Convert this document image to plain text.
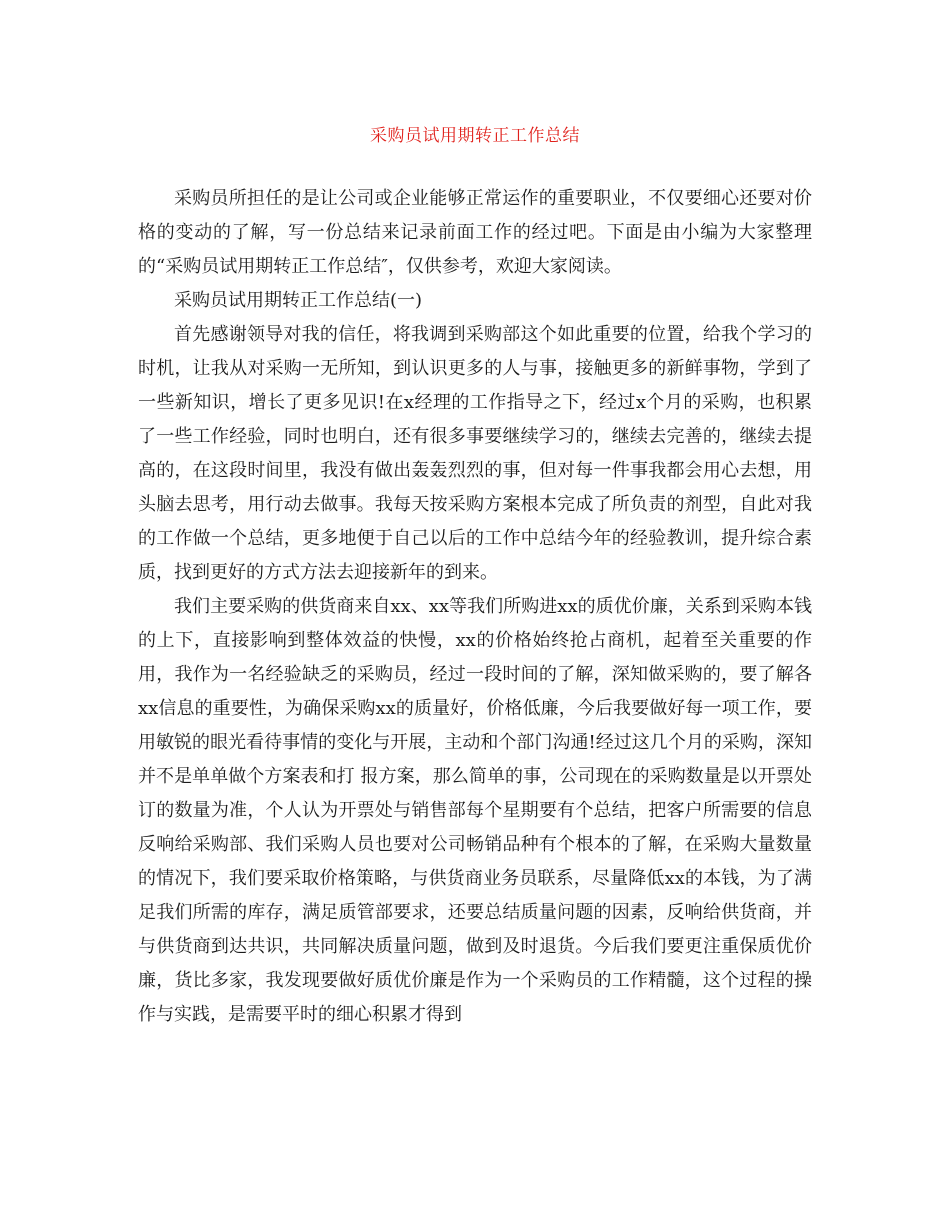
采购员试用期转正工作总结

采购员所担任的是让公司或企业能够正常运作的重要职业，不仅要细心还要对价格的变动的了解，写一份总结来记录前面工作的经过吧。下面是由小编为大家整理的“采购员试用期转正工作总结″，仅供参考，欢迎大家阅读。

采购员试用期转正工作总结(一)

首先感谢领导对我的信任，将我调到采购部这个如此重要的位置，给我个学习的时机，让我从对采购一无所知，到认识更多的人与事，接触更多的新鲜事物，学到了一些新知识，增长了更多见识!在x经理的工作指导之下，经过x个月的采购，也积累了一些工作经验，同时也明白，还有很多事要继续学习的，继续去完善的，继续去提高的，在这段时间里，我没有做出轰轰烈烈的事，但对每一件事我都会用心去想，用头脑去思考，用行动去做事。我每天按采购方案根本完成了所负责的剂型，自此对我的工作做一个总结，更多地便于自己以后的工作中总结今年的经验教训，提升综合素质，找到更好的方式方法去迎接新年的到来。

我们主要采购的供货商来自xx、xx等我们所购进xx的质优价廉，关系到采购本钱的上下，直接影响到整体效益的快慢，xx的价格始终抢占商机，起着至关重要的作用，我作为一名经验缺乏的采购员，经过一段时间的了解，深知做采购的，要了解各xx信息的重要性，为确保采购xx的质量好，价格低廉，今后我要做好每一项工作，要用敏锐的眼光看待事情的变化与开展，主动和个部门沟通!经过这几个月的采购，深知并不是单单做个方案表和打 报方案，那么简单的事，公司现在的采购数量是以开票处订的数量为准，个人认为开票处与销售部每个星期要有个总结，把客户所需要的信息反响给采购部、我们采购人员也要对公司畅销品种有个根本的了解，在采购大量数量的情况下，我们要采取价格策略，与供货商业务员联系，尽量降低xx的本钱，为了满足我们所需的库存，满足质管部要求，还要总结质量问题的因素，反响给供货商，并与供货商到达共识，共同解决质量问题，做到及时退货。今后我们要更注重保质优价廉，货比多家，我发现要做好质优价廉是作为一个采购员的工作精髓，这个过程的操作与实践，是需要平时的细心积累才得到
